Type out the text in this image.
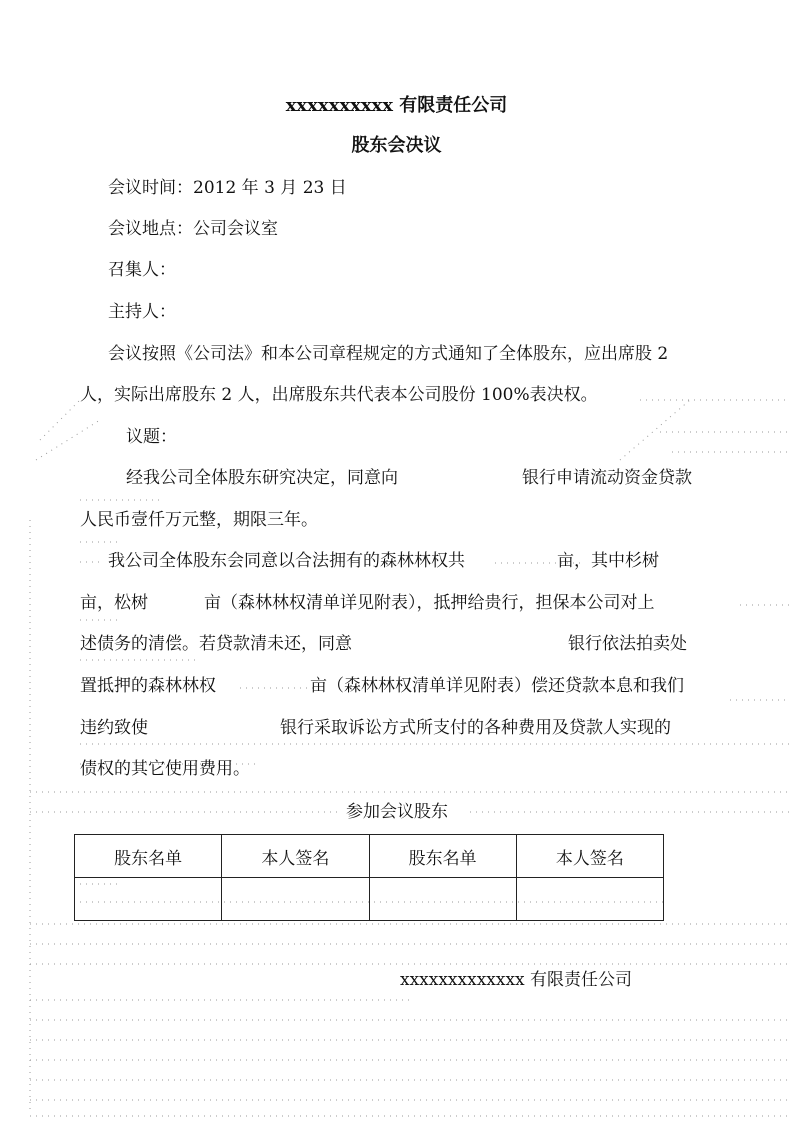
xxxxxxxxxx 有限责任公司
股东会决议
会议时间：2012 年 3 月 23 日
会议地点：公司会议室
召集人：
主持人：
会议按照《公司法》和本公司章程规定的方式通知了全体股东，应出席股 2
人，实际出席股东 2 人，出席股东共代表本公司股份 100%表决权。
议题：
经我公司全体股东研究决定，同意向	银行申请流动资金贷款
人民币壹仟万元整，期限三年。
我公司全体股东会同意以合法拥有的森林林权共	亩，其中杉树
亩，松树	亩（森林林权清单详见附表），抵押给贵行，担保本公司对上
述债务的清偿。若贷款清未还，同意	银行依法拍卖处
置抵押的森林林权	亩（森林林权清单详见附表）偿还贷款本息和我们
违约致使	银行采取诉讼方式所支付的各种费用及贷款人实现的
债权的其它使用费用。
参加会议股东
股东名单	本人签名	股东名单	本人签名

xxxxxxxxxxxxx 有限责任公司
